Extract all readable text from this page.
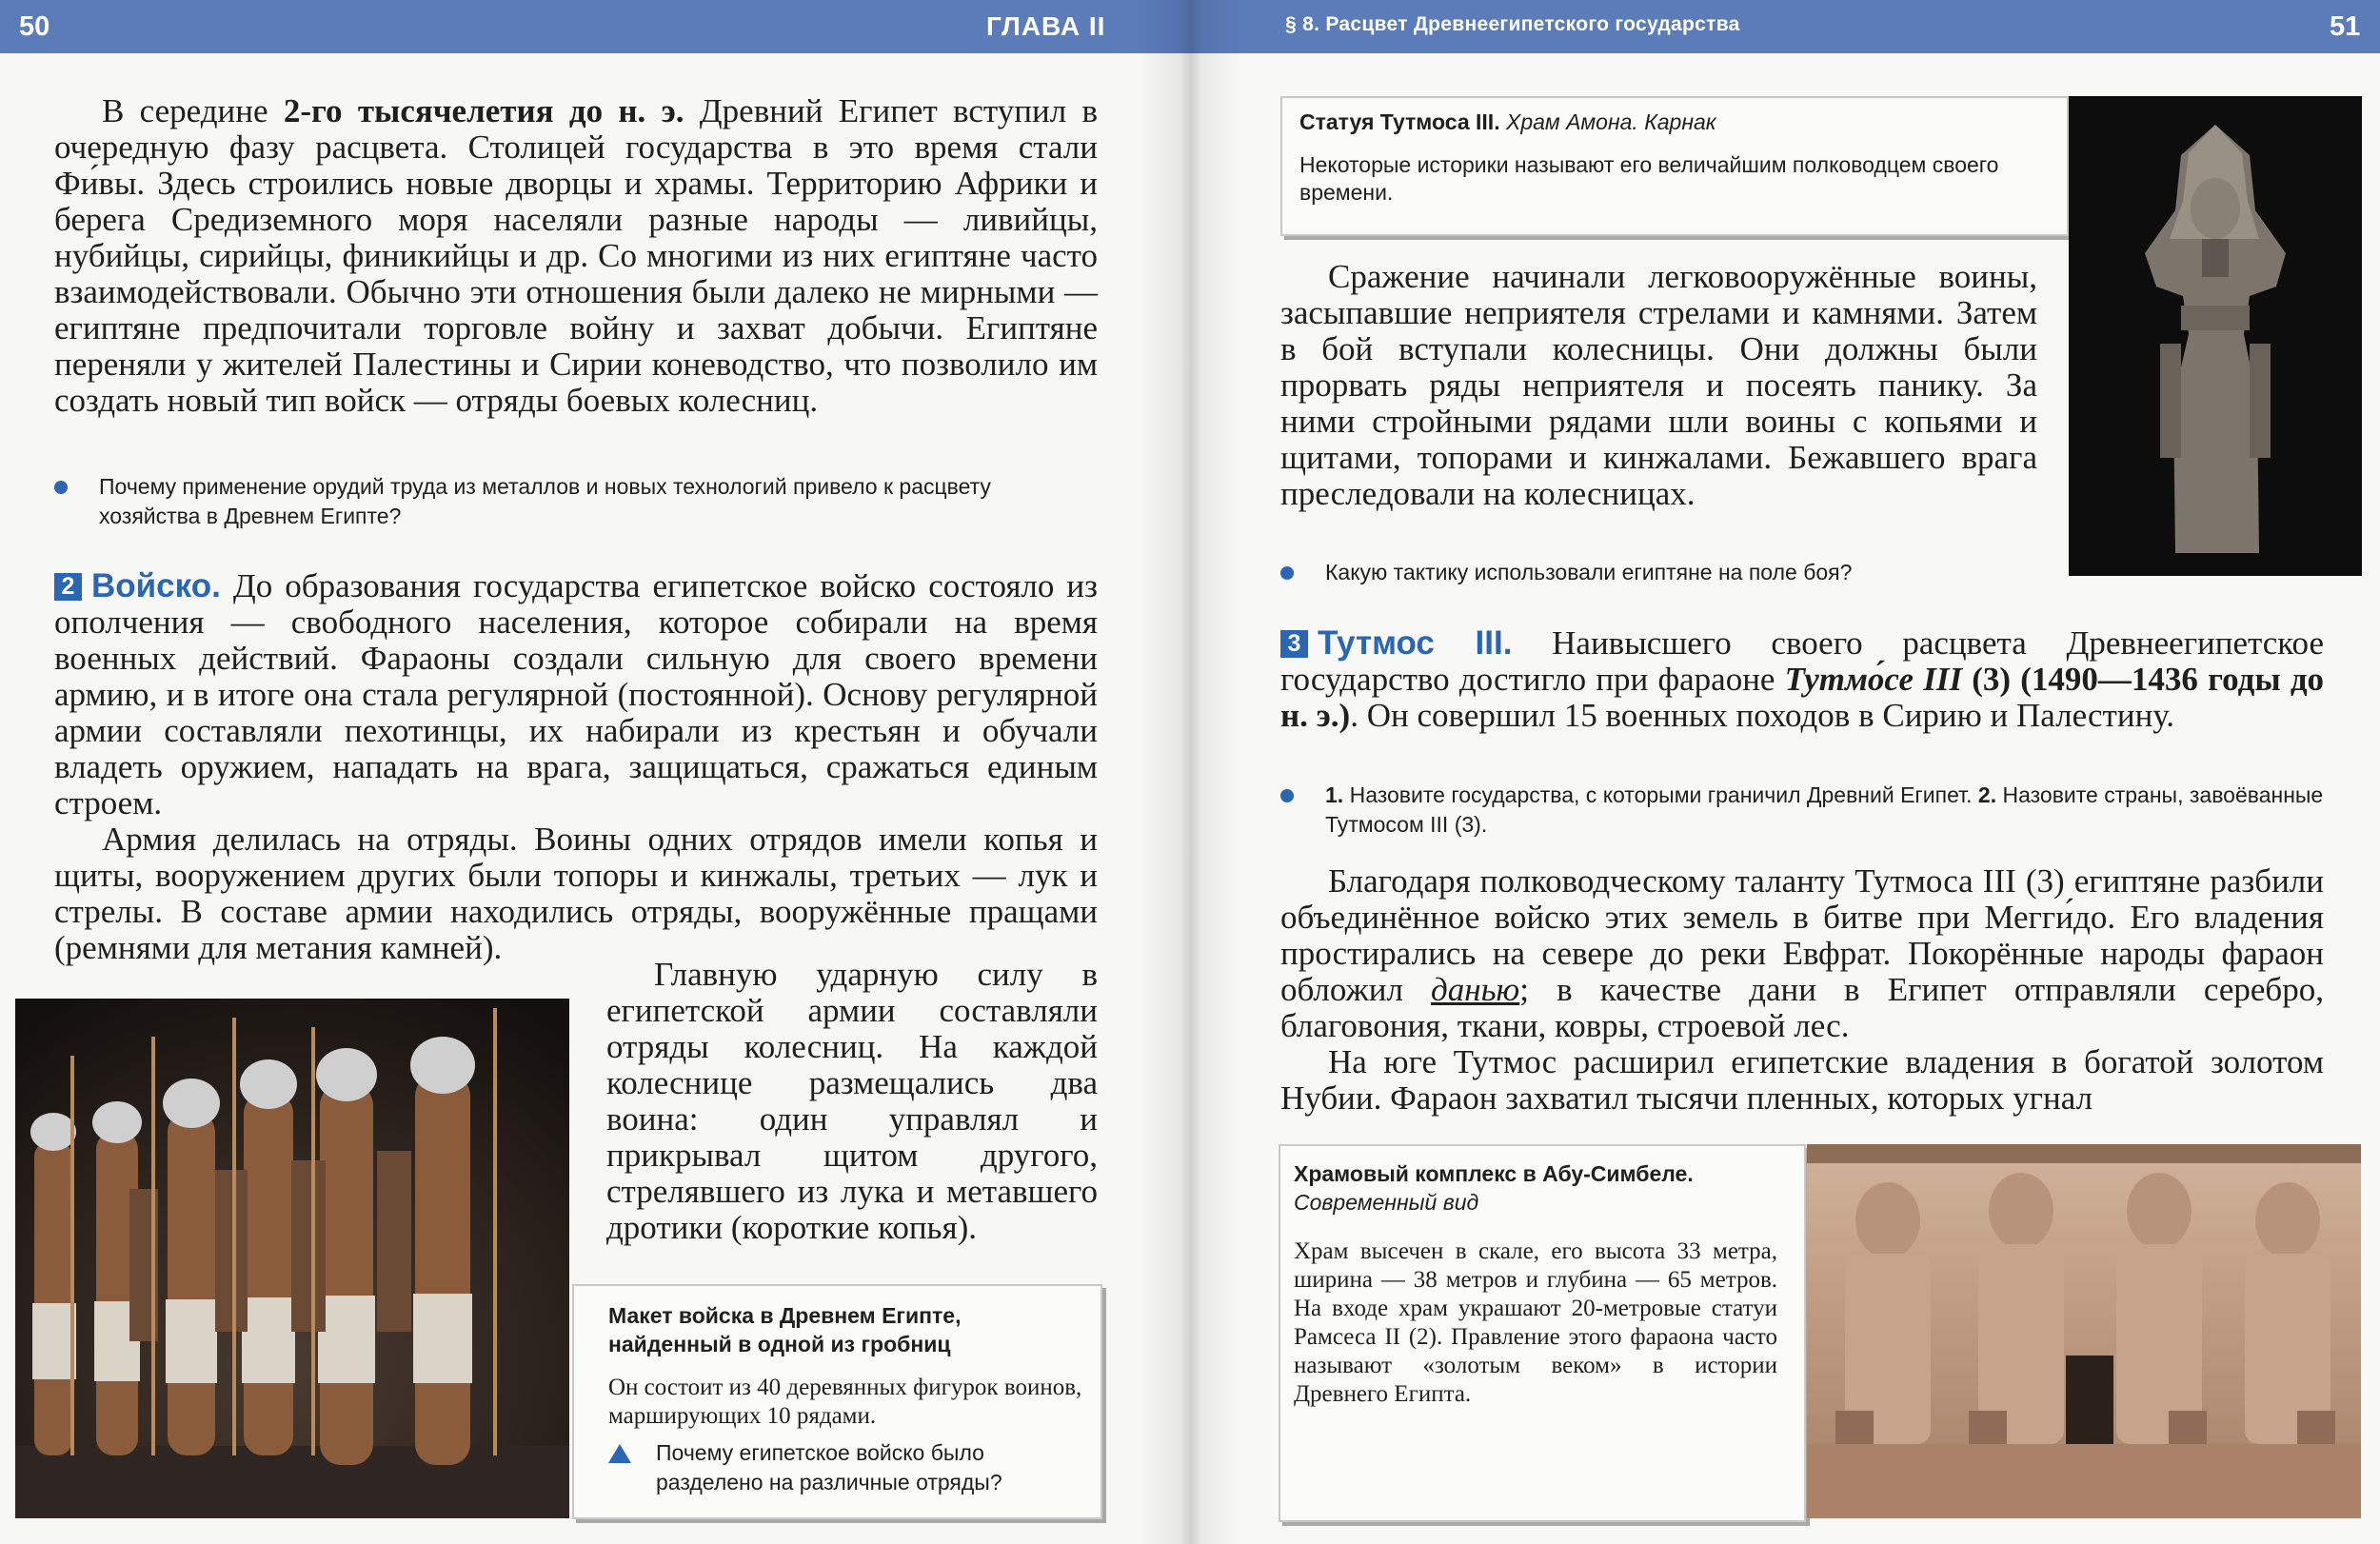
50	ГЛАВА II

В середине 2-го тысячелетия до н. э. Древний Египет вступил в очередную фазу расцвета. Столицей государства в это время стали Фи́вы. Здесь строились новые дворцы и храмы. Территорию Африки и берега Средиземного моря населяли разные народы — ливийцы, нубийцы, сирийцы, финикийцы и др. Со многими из них египтяне часто взаимодействовали. Обычно эти отношения были далеко не мирными — египтяне предпочитали торговле войну и захват добычи. Египтяне переняли у жителей Палестины и Сирии коневодство, что позволило им создать новый тип войск — отряды боевых колесниц.

Почему применение орудий труда из металлов и новых технологий привело к расцвету хозяйства в Древнем Египте?

2 Войско. До образования государства египетское войско состояло из ополчения — свободного населения, которое собирали на время военных действий. Фараоны создали сильную для своего времени армию, и в итоге она стала регулярной (постоянной). Основу регулярной армии составляли пехотинцы, их набирали из крестьян и обучали владеть оружием, нападать на врага, защищаться, сражаться единым строем.

Армия делилась на отряды. Воины одних отрядов имели копья и щиты, вооружением других были топоры и кинжалы, третьих — лук и стрелы. В составе армии находились отряды, вооружённые пращами (ремнями для метания камней).

Главную ударную силу в египетской армии составляли отряды колесниц. На каждой колеснице размещались два воина: один управлял и прикрывал щитом другого, стрелявшего из лука и метавшего дротики (короткие копья).

Макет войска в Древнем Египте, найденный в одной из гробниц

Он состоит из 40 деревянных фигурок воинов, марширующих 10 рядами.

Почему египетское войско было разделено на различные отряды?

§ 8. Расцвет Древнеегипетского государства	51

Статуя Тутмоса III. Храм Амона. Карнак

Некоторые историки называют его величайшим полководцем своего времени.

Сражение начинали легковооружённые воины, засыпавшие неприятеля стрелами и камнями. Затем в бой вступали колесницы. Они должны были прорвать ряды неприятеля и посеять панику. За ними стройными рядами шли воины с копьями и щитами, топорами и кинжалами. Бежавшего врага преследовали на колесницах.

Какую тактику использовали египтяне на поле боя?

3 Тутмос III. Наивысшего своего расцвета Древнеегипетское государство достигло при фараоне Тутмо́се III (3) (1490—1436 годы до н. э.). Он совершил 15 военных походов в Сирию и Палестину.

1. Назовите государства, с которыми граничил Древний Египет. 2. Назовите страны, завоёванные Тутмосом III (3).

Благодаря полководческому таланту Тутмоса III (3) египтяне разбили объединённое войско этих земель в битве при Мегги́до. Его владения простирались на севере до реки Евфрат. Покорённые народы фараон обложил данью; в качестве дани в Египет отправляли серебро, благовония, ткани, ковры, строевой лес.

На юге Тутмос расширил египетские владения в богатой золотом Нубии. Фараон захватил тысячи пленных, которых угнал

Храмовый комплекс в Абу-Симбеле.

Современный вид

Храм высечен в скале, его высота 33 метра, ширина — 38 метров и глубина — 65 метров. На входе храм украшают 20-метровые статуи Рамсеса II (2). Правление этого фараона часто называют «золотым веком» в истории Древнего Египта.
